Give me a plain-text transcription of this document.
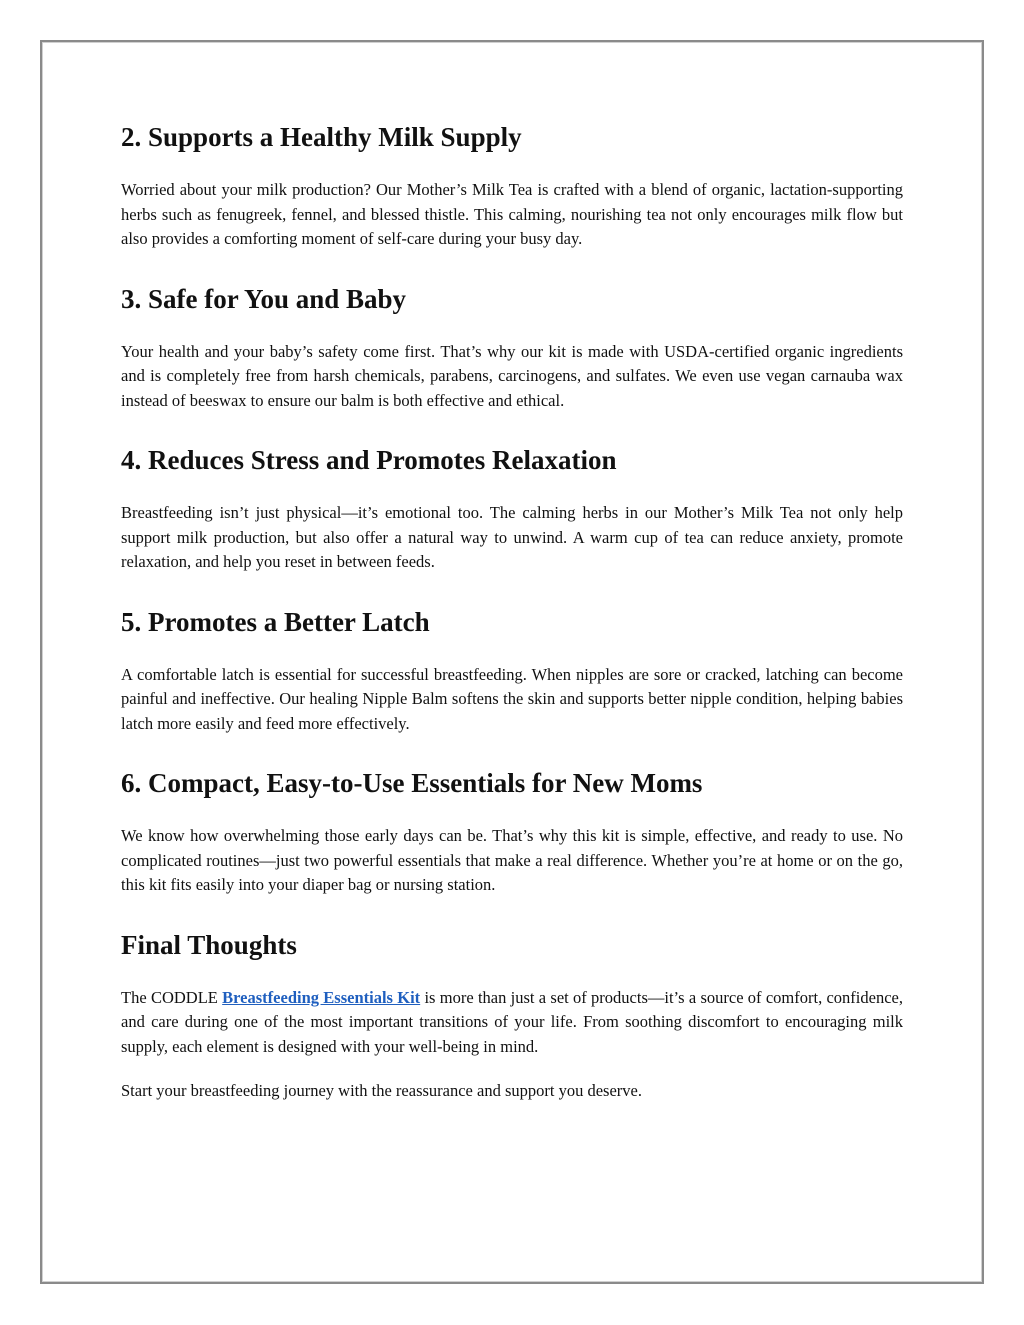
2. Supports a Healthy Milk Supply

Worried about your milk production? Our Mother’s Milk Tea is crafted with a blend of organic, lactation-supporting herbs such as fenugreek, fennel, and blessed thistle. This calming, nourishing tea not only encourages milk flow but also provides a comforting moment of self-care during your busy day.

3. Safe for You and Baby

Your health and your baby’s safety come first. That’s why our kit is made with USDA-certified organic ingredients and is completely free from harsh chemicals, parabens, carcinogens, and sulfates. We even use vegan carnauba wax instead of beeswax to ensure our balm is both effective and ethical.

4. Reduces Stress and Promotes Relaxation

Breastfeeding isn’t just physical—it’s emotional too. The calming herbs in our Mother’s Milk Tea not only help support milk production, but also offer a natural way to unwind. A warm cup of tea can reduce anxiety, promote relaxation, and help you reset in between feeds.

5. Promotes a Better Latch

A comfortable latch is essential for successful breastfeeding. When nipples are sore or cracked, latching can become painful and ineffective. Our healing Nipple Balm softens the skin and supports better nipple condition, helping babies latch more easily and feed more effectively.

6. Compact, Easy-to-Use Essentials for New Moms

We know how overwhelming those early days can be. That’s why this kit is simple, effective, and ready to use. No complicated routines—just two powerful essentials that make a real difference. Whether you’re at home or on the go, this kit fits easily into your diaper bag or nursing station.

Final Thoughts

The CODDLE Breastfeeding Essentials Kit is more than just a set of products—it’s a source of comfort, confidence, and care during one of the most important transitions of your life. From soothing discomfort to encouraging milk supply, each element is designed with your well-being in mind.

Start your breastfeeding journey with the reassurance and support you deserve.
